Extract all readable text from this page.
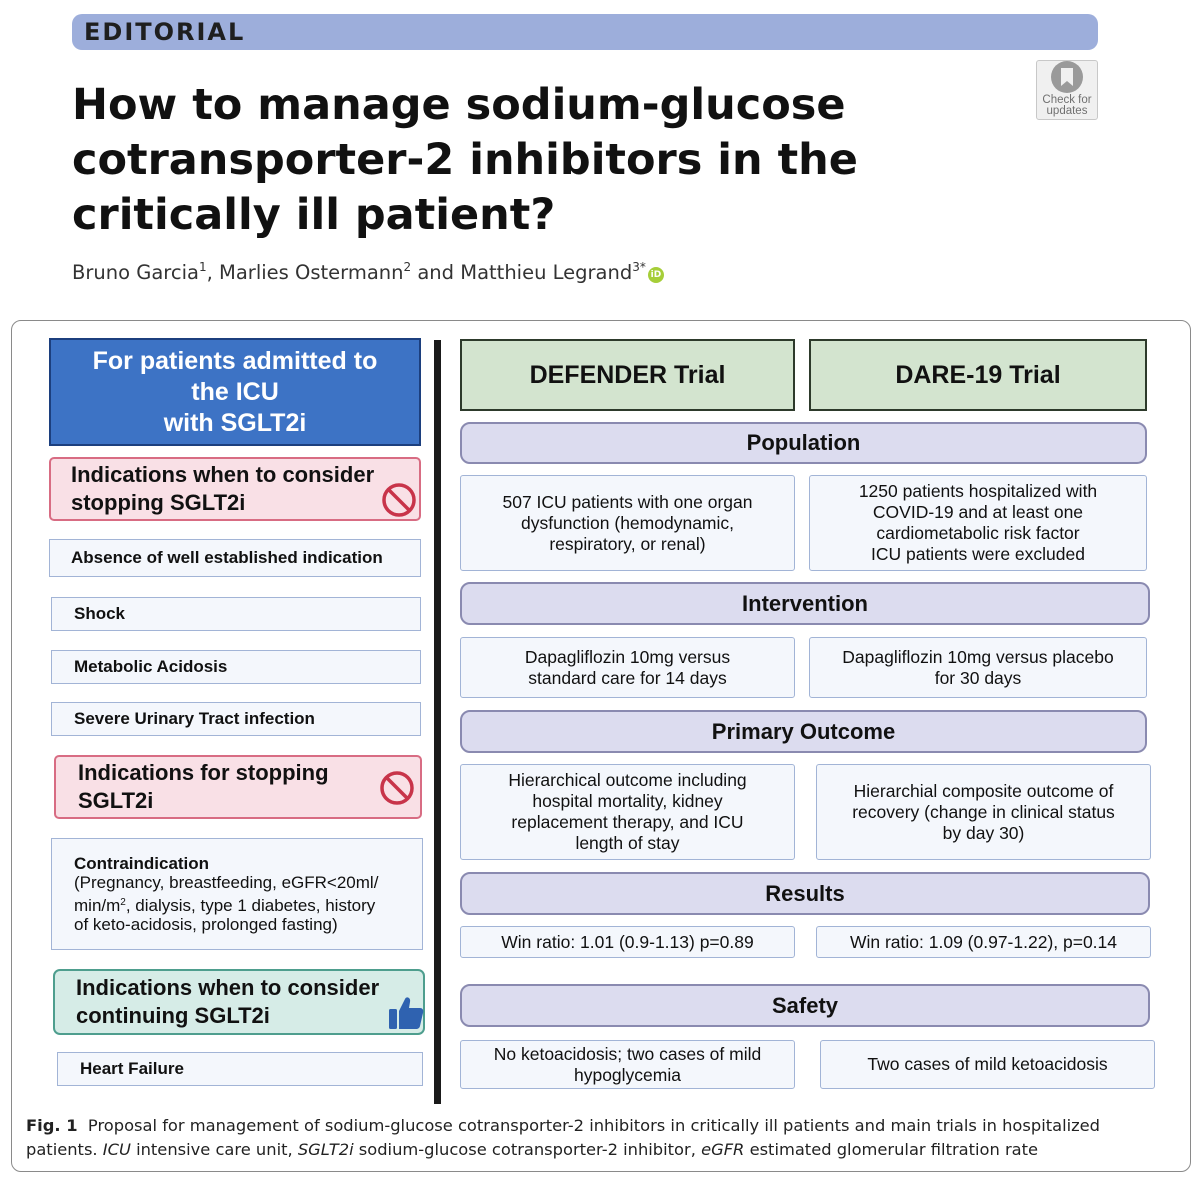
EDITORIAL
How to manage sodium-glucose cotransporter-2 inhibitors in the critically ill patient?
Check for
updates
Bruno Garcia$^1$, Marlies Ostermann$^2$ and Matthieu Legrand$^{3*}$iD
For patients admitted to
the ICU
with SGLT2i
Indications when to consider
stopping SGLT2i
Absence of well established indication
Shock
Metabolic Acidosis
Severe Urinary Tract infection
Indications for stopping
SGLT2i
Contraindication
(Pregnancy, breastfeeding, eGFR<20ml/
$\min/m^2$, dialysis, type 1 diabetes, history
of keto-acidosis, prolonged fasting)
Indications when to consider
continuing SGLT2i
Heart Failure
DEFENDER Trial	DARE-19 Trial
Population
507 ICU patients with one organ
dysfunction (hemodynamic,
respiratory, or renal)
1250 patients hospitalized with
COVID-19 and at least one
cardiometabolic risk factor
ICU patients were excluded
Intervention
Dapagliflozin 10mg versus
standard care for 14 days
Dapagliflozin 10mg versus placebo
for 30 days
Primary Outcome
Hierarchical outcome including
hospital mortality, kidney
replacement therapy, and ICU
length of stay
Hierarchial composite outcome of
recovery (change in clinical status
by day 30)
Results
Win ratio: 1.01 (0.9-1.13) p=0.89	Win ratio: 1.09 (0.97-1.22), p=0.14
Safety
No ketoacidosis; two cases of mild
hypoglycemia
Two cases of mild ketoacidosis
Fig. 1 Proposal for management of sodium-glucose cotransporter-2 inhibitors in critically ill patients and main trials in hospitalized patients. ICU intensive care unit, SGLT2i sodium-glucose cotransporter-2 inhibitor, eGFR estimated glomerular filtration rate
